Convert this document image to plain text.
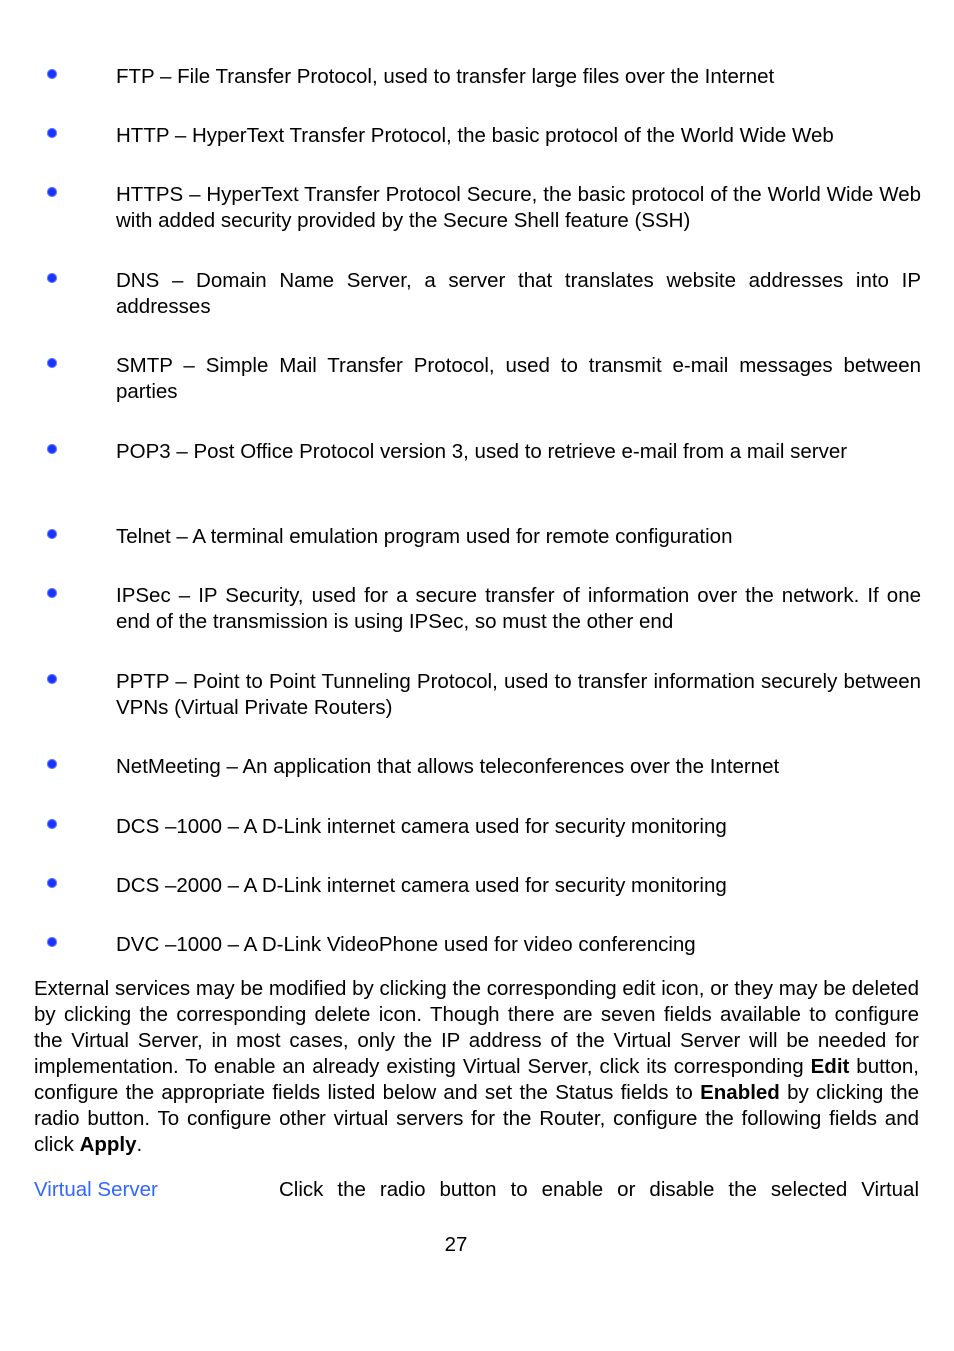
FTP – File Transfer Protocol, used to transfer large files over the Internet
HTTP – HyperText Transfer Protocol, the basic protocol of the World Wide Web
HTTPS – HyperText Transfer Protocol Secure, the basic protocol of the World Wide Web with added security provided by the Secure Shell feature (SSH)
DNS – Domain Name Server, a server that translates website addresses into IP addresses
SMTP – Simple Mail Transfer Protocol, used to transmit e-mail messages between parties
POP3 – Post Office Protocol version 3, used to retrieve e-mail from a mail server
Telnet – A terminal emulation program used for remote configuration
IPSec – IP Security, used for a secure transfer of information over the network. If one end of the transmission is using IPSec, so must the other end
PPTP – Point to Point Tunneling Protocol, used to transfer information securely between VPNs (Virtual Private Routers)
NetMeeting – An application that allows teleconferences over the Internet
DCS –1000 – A D-Link internet camera used for security monitoring
DCS –2000 – A D-Link internet camera used for security monitoring
DVC –1000 – A D-Link VideoPhone used for video conferencing
External services may be modified by clicking the corresponding edit icon, or they may be deleted by clicking the corresponding delete icon. Though there are seven fields available to configure the Virtual Server, in most cases, only the IP address of the Virtual Server will be needed for implementation. To enable an already existing Virtual Server, click its corresponding Edit button, configure the appropriate fields listed below and set the Status fields to Enabled by clicking the radio button. To configure other virtual servers for the Router, configure the following fields and click Apply.
Virtual Server	Click the radio button to enable or disable the selected Virtual
27
